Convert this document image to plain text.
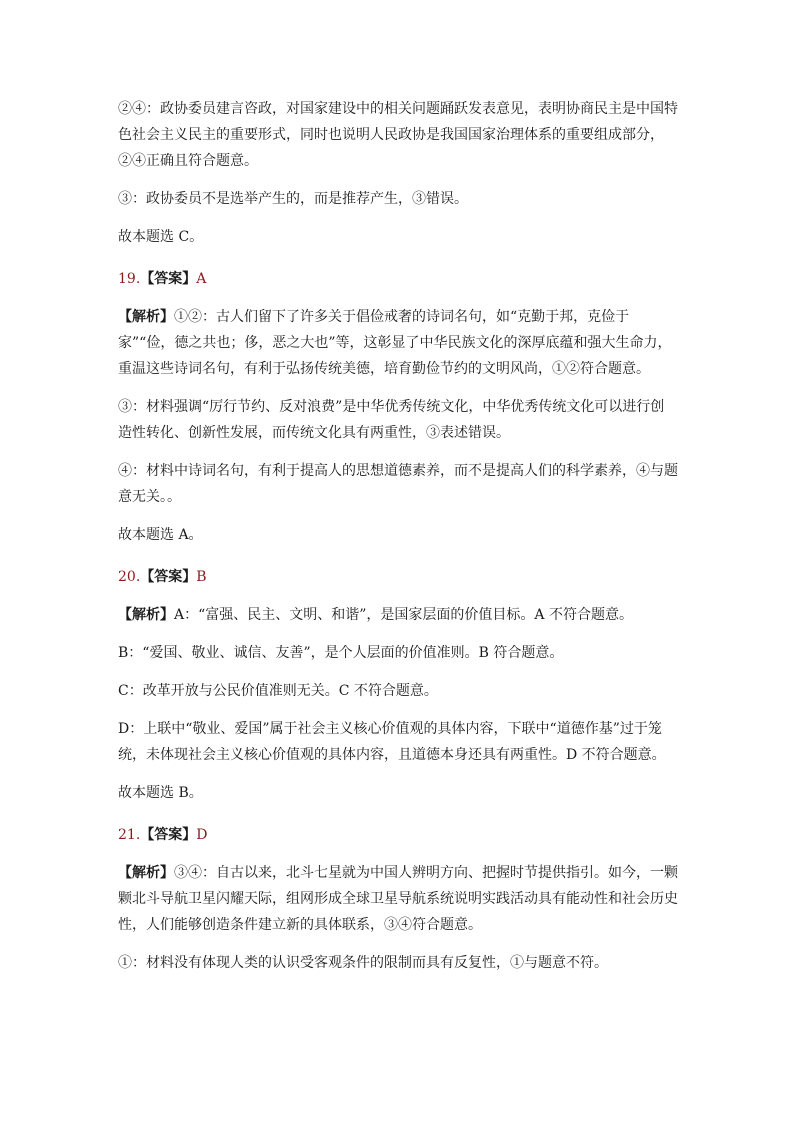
②④：政协委员建言咨政，对国家建设中的相关问题踊跃发表意见，表明协商民主是中国特色社会主义民主的重要形式，同时也说明人民政协是我国国家治理体系的重要组成部分，②④正确且符合题意。

③：政协委员不是选举产生的，而是推荐产生，③错误。

故本题选 C。

19.【答案】A

【解析】①②：古人们留下了许多关于倡俭戒奢的诗词名句，如“克勤于邦，克俭于家”“俭，德之共也；侈，恶之大也”等，这彰显了中华民族文化的深厚底蕴和强大生命力，重温这些诗词名句，有利于弘扬传统美德，培育勤俭节约的文明风尚，①②符合题意。

③：材料强调“厉行节约、反对浪费”是中华优秀传统文化，中华优秀传统文化可以进行创造性转化、创新性发展，而传统文化具有两重性，③表述错误。

④：材料中诗词名句，有利于提高人的思想道德素养，而不是提高人们的科学素养，④与题意无关。。

故本题选 A。

20.【答案】B

【解析】A：“富强、民主、文明、和谐”，是国家层面的价值目标。A 不符合题意。

B：“爱国、敬业、诚信、友善”，是个人层面的价值准则。B 符合题意。

C：改革开放与公民价值准则无关。C 不符合题意。

D：上联中“敬业、爱国”属于社会主义核心价值观的具体内容，下联中“道德作基”过于笼统，未体现社会主义核心价值观的具体内容，且道德本身还具有两重性。D 不符合题意。

故本题选 B。

21.【答案】D

【解析】③④：自古以来，北斗七星就为中国人辨明方向、把握时节提供指引。如今，一颗颗北斗导航卫星闪耀天际，组网形成全球卫星导航系统说明实践活动具有能动性和社会历史性，人们能够创造条件建立新的具体联系，③④符合题意。

①：材料没有体现人类的认识受客观条件的限制而具有反复性，①与题意不符。
